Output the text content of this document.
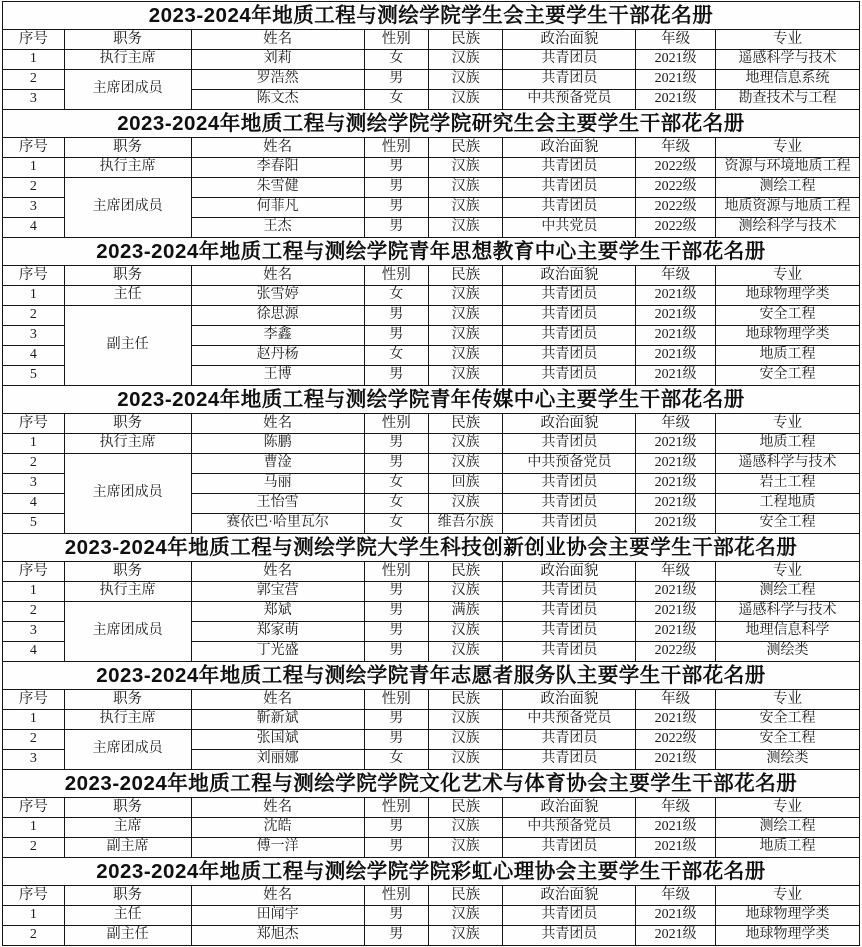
2023-2024年地质工程与测绘学院学生会主要学生干部花名册							
序号	职务	姓名	性别	民族	政治面貌	年级	专业
1	执行主席	刘莉	女	汉族	共青团员	2021级	遥感科学与技术
2	主席团成员	罗浩然	男	汉族	共青团员	2021级	地理信息系统
3		陈文杰	女	汉族	中共预备党员	2021级	勘查技术与工程
2023-2024年地质工程与测绘学院学院研究生会主要学生干部花名册							
序号	职务	姓名	性别	民族	政治面貌	年级	专业
1	执行主席	李春阳	男	汉族	共青团员	2022级	资源与环境地质工程
2	主席团成员	朱雪健	男	汉族	共青团员	2022级	测绘工程
3		何菲凡	男	汉族	共青团员	2022级	地质资源与地质工程
4		王杰	男	汉族	中共党员	2022级	测绘科学与技术
2023-2024年地质工程与测绘学院青年思想教育中心主要学生干部花名册							
序号	职务	姓名	性别	民族	政治面貌	年级	专业
1	主任	张雪婷	女	汉族	共青团员	2021级	地球物理学类
2	副主任	徐思源	男	汉族	共青团员	2021级	安全工程
3		李鑫	男	汉族	共青团员	2021级	地球物理学类
4		赵丹杨	女	汉族	共青团员	2021级	地质工程
5		王博	男	汉族	共青团员	2021级	安全工程
2023-2024年地质工程与测绘学院青年传媒中心主要学生干部花名册							
序号	职务	姓名	性别	民族	政治面貌	年级	专业
1	执行主席	陈鹏	男	汉族	共青团员	2021级	地质工程
2	主席团成员	曹淦	男	汉族	中共预备党员	2021级	遥感科学与技术
3		马丽	女	回族	共青团员	2021级	岩土工程
4		王怡雪	女	汉族	共青团员	2021级	工程地质
5		赛依巴·哈里瓦尔	女	维吾尔族	共青团员	2021级	安全工程
2023-2024年地质工程与测绘学院大学生科技创新创业协会主要学生干部花名册							
序号	职务	姓名	性别	民族	政治面貌	年级	专业
1	执行主席	郭宝营	男	汉族	共青团员	2021级	测绘工程
2	主席团成员	郑斌	男	满族	共青团员	2021级	遥感科学与技术
3		郑家萌	男	汉族	共青团员	2021级	地理信息科学
4		丁光盛	男	汉族	共青团员	2022级	测绘类
2023-2024年地质工程与测绘学院青年志愿者服务队主要学生干部花名册							
序号	职务	姓名	性别	民族	政治面貌	年级	专业
1	执行主席	靳新斌	男	汉族	中共预备党员	2021级	安全工程
2	主席团成员	张国斌	男	汉族	共青团员	2022级	安全工程
3		刘丽娜	女	汉族	共青团员	2021级	测绘类
2023-2024年地质工程与测绘学院学院文化艺术与体育协会主要学生干部花名册							
序号	职务	姓名	性别	民族	政治面貌	年级	专业
1	主席	沈皓	男	汉族	中共预备党员	2021级	测绘工程
2	副主席	傅一洋	男	汉族	共青团员	2021级	地质工程
2023-2024年地质工程与测绘学院学院彩虹心理协会主要学生干部花名册							
序号	职务	姓名	性别	民族	政治面貌	年级	专业
1	主任	田闻宇	男	汉族	共青团员	2021级	地球物理学类
2	副主任	郑旭杰	男	汉族	共青团员	2021级	地球物理学类
